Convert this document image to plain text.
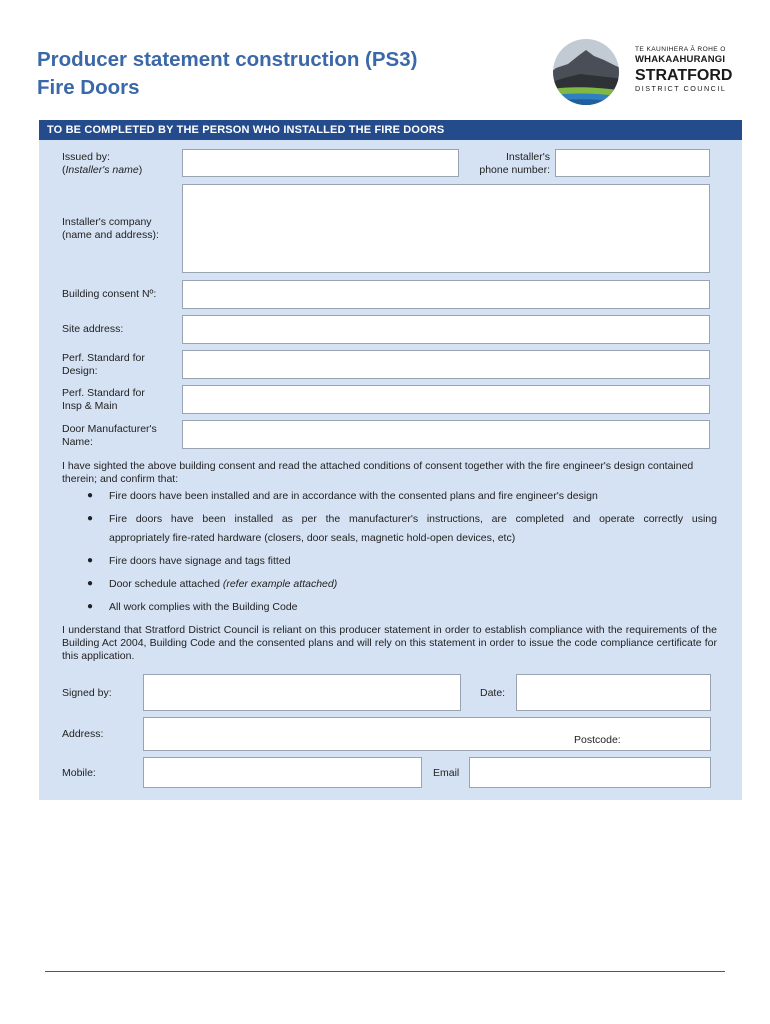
Producer statement construction (PS3)
Fire Doors
TE KAUNIHERA Ā ROHE O
WHAKAAHURANGI
STRATFORD
DISTRICT COUNCIL
TO BE COMPLETED BY THE PERSON WHO INSTALLED THE FIRE DOORS
Issued by:
(Installer's name)
Installer's
phone number:
Installer's company
(name and address):
Building consent Nº:
Site address:
Perf. Standard for
Design:
Perf. Standard for
Insp & Main
Door Manufacturer's
Name:

I have sighted the above building consent and read the attached conditions of consent together with the fire engineer's design contained therein; and confirm that:

● Fire doors have been installed and are in accordance with the consented plans and fire engineer's design
● Fire doors have been installed as per the manufacturer's instructions, are completed and operate correctly using
appropriately fire-rated hardware (closers, door seals, magnetic hold-open devices, etc)
● Fire doors have signage and tags fitted
● Door schedule attached (refer example attached)
● All work complies with the Building Code

I understand that Stratford District Council is reliant on this producer statement in order to establish compliance with the requirements of the Building Act 2004, Building Code and the consented plans and will rely on this statement in order to issue the code compliance certificate for this application.

Signed by:	Date:
Address:	Postcode:
Mobile:	Email
